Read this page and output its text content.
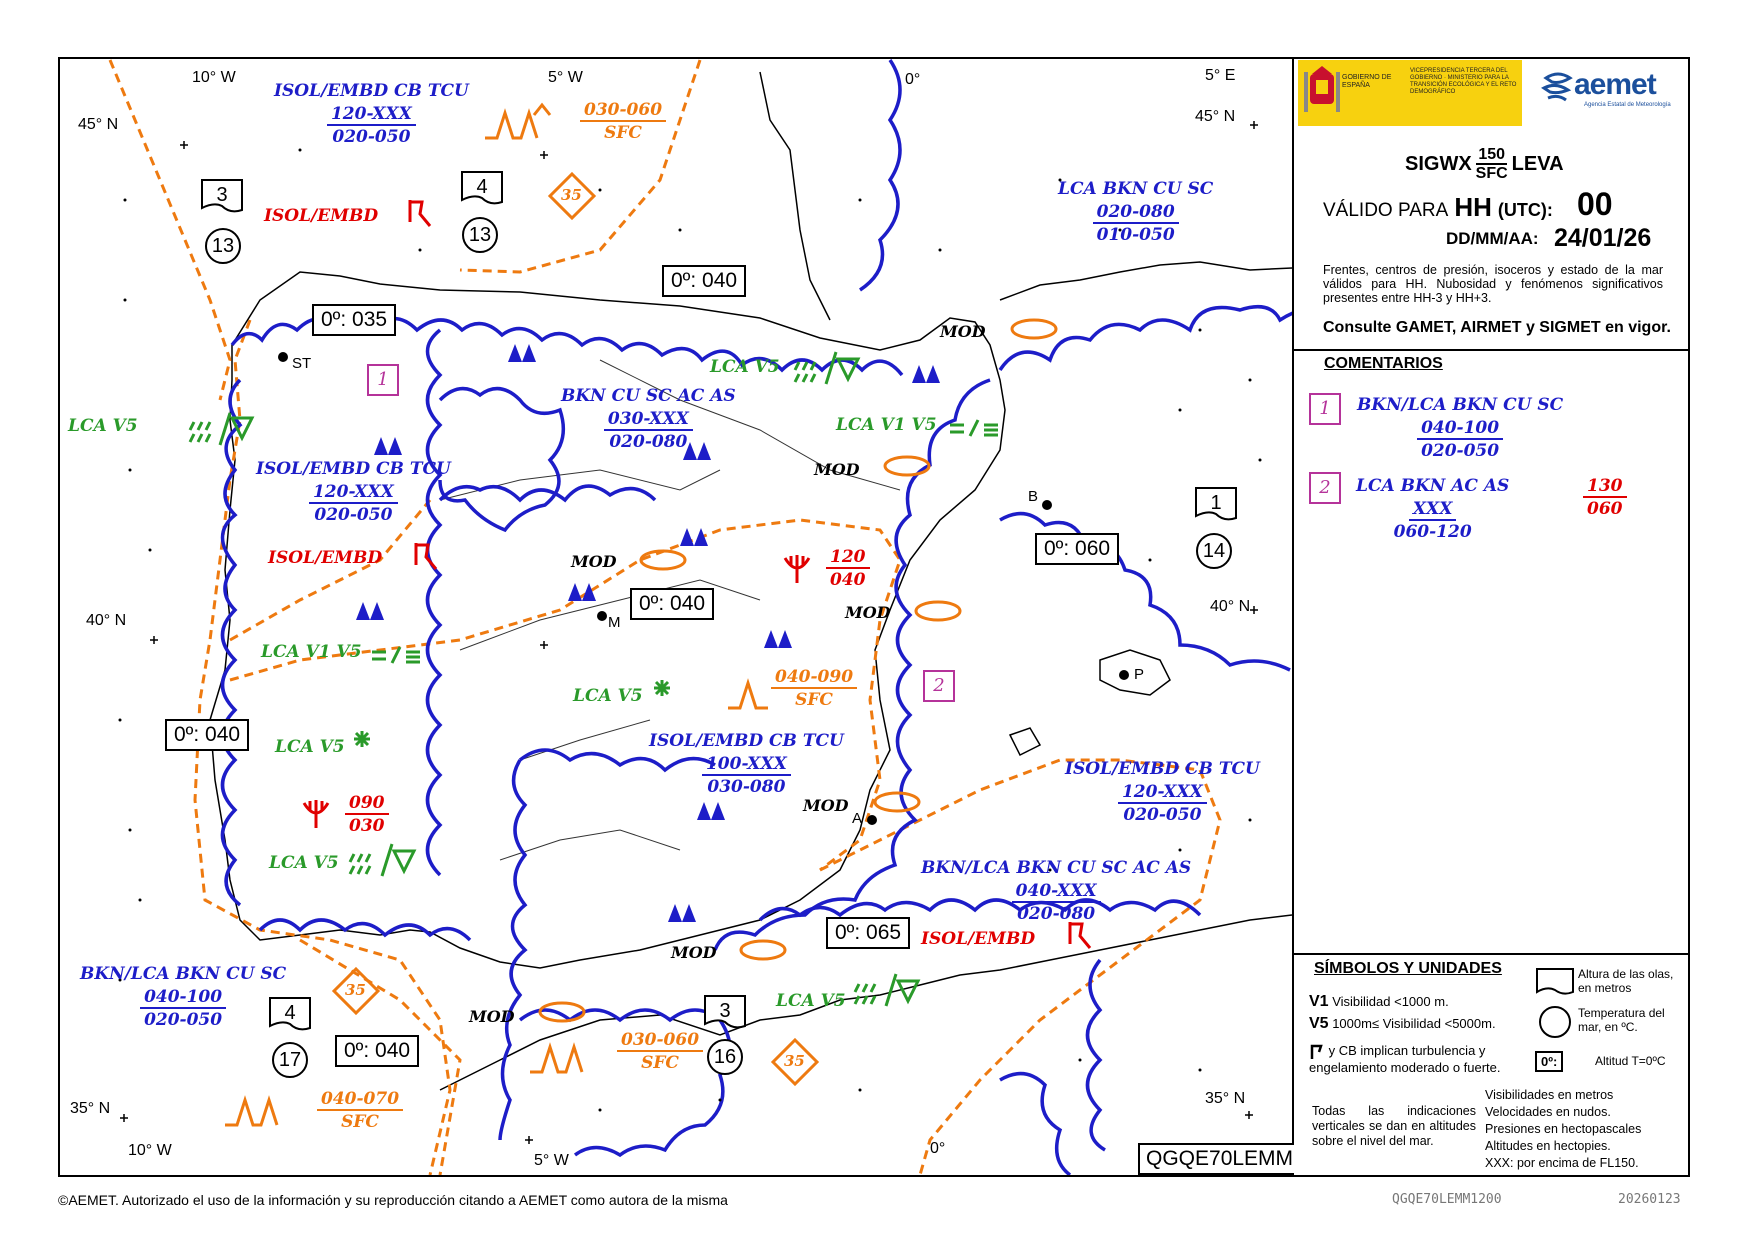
10° W	5° W	0°	5° E
45° N	45° N
40° N
40° N
35° N
35° N
10° W
5° W
0°
ST
M
B
P
A
0º: 035
0º: 040
0º: 040
0º: 060
0º: 040
0º: 065
0º: 040
3
13
4
13
1
14
4
17
3
16
35
35
35
1
2
ISOL/EMBD CB TCU
120-XXX
020-050
LCA BKN CU SC
020-080
010-050
BKN CU SC AC AS
030-XXX
020-080
ISOL/EMBD CB TCU
120-XXX
020-050
ISOL/EMBD CB TCU
100-XXX
030-080
ISOL/EMBD CB TCU
120-XXX
020-050
BKN/LCA BKN CU SC AC AS
040-XXX
020-080
BKN/LCA BKN CU SC
040-100
020-050
030-060
SFC
040-090
SFC
030-060
SFC
040-070
SFC
ISOL/EMBD
ISOL/EMBD
ISOL/EMBD
120
040
090
030
LCA V5
LCA V5
LCA V1 V5
LCA V1 V5
LCA V5
LCA V5
LCA V5
LCA V5
MOD
MOD
MOD
MOD
MOD
MOD
MOD
QGQE70LEMM
GOBIERNO DE ESPAÑA
VICEPRESIDENCIA TERCERA DEL GOBIERNO · MINISTERIO PARA LA TRANSICIÓN ECOLÓGICA Y EL RETO DEMOGRÁFICO	aemet
Agencia Estatal de Meteorología
SIGWX $\frac{150}{\text{SFC}}$ LEVA
VÁLIDO PARA HH (UTC): 00
DD/MM/AA: 24/01/26
Frentes, centros de presión, isoceros y estado de la mar válidos para HH. Nubosidad y fenómenos significativos presentes entre HH-3 y HH+3.
Consulte GAMET, AIRMET y SIGMET en vigor.
COMENTARIOS
1	BKN/LCA BKN CU SC
040-100
020-050
2	LCA BKN AC AS
XXX
060-120
130
060
SÍMBOLOS Y UNIDADES
V1 Visibilidad <1000 m.
V5 1000m≤ Visibilidad <5000m.
y CB implican turbulencia y engelamiento moderado o fuerte.
Altura de las olas, en metros
Temperatura del mar, en ºC.
0º:	Altitud T=0ºC
Todas las indicaciones verticales se dan en altitudes sobre el nivel del mar.
Visibilidades en metros
Velocidades en nudos.
Presiones en hectopascales
Altitudes en hectopies.
XXX: por encima de FL150.
©AEMET. Autorizado el uso de la información y su reproducción citando a AEMET como autora de la misma	QGQE70LEMM1200	20260123
